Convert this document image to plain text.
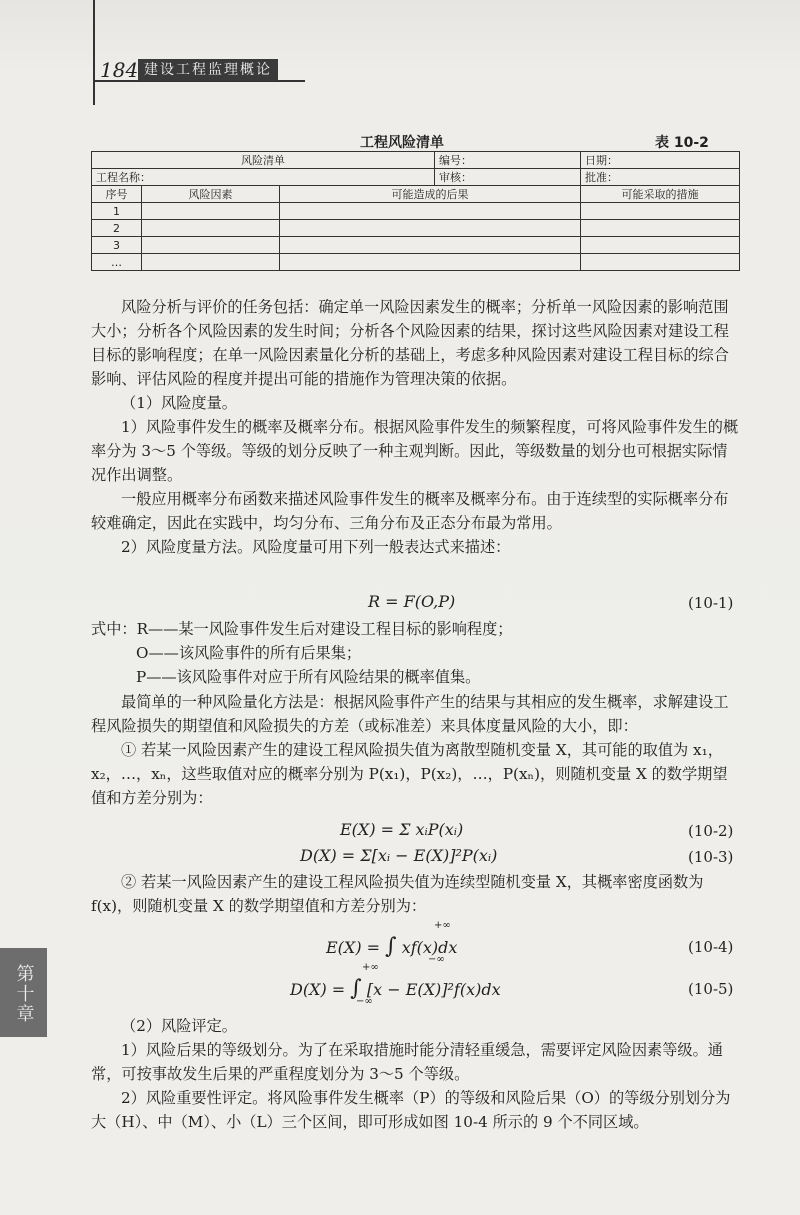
184 建设工程监理概论
工程风险清单	表 10-2
风险清单			编号：	日期：
工程名称：			审核：	批准：
序号	风险因素	可能造成的后果		可能采取的措施
1				
2				
3				
…				

风险分析与评价的任务包括：确定单一风险因素发生的概率；分析单一风险因素的影响范围大小；分析各个风险因素的发生时间；分析各个风险因素的结果，探讨这些风险因素对建设工程目标的影响程度；在单一风险因素量化分析的基础上，考虑多种风险因素对建设工程目标的综合影响、评估风险的程度并提出可能的措施作为管理决策的依据。

（1）风险度量。

1）风险事件发生的概率及概率分布。根据风险事件发生的频繁程度，可将风险事件发生的概率分为 3～5 个等级。等级的划分反映了一种主观判断。因此，等级数量的划分也可根据实际情况作出调整。

一般应用概率分布函数来描述风险事件发生的概率及概率分布。由于连续型的实际概率分布较难确定，因此在实践中，均匀分布、三角分布及正态分布最为常用。

2）风险度量方法。风险度量可用下列一般表达式来描述：

R = F(O,P)	(10-1)
式中：R——某一风险事件发生后对建设工程目标的影响程度；
O——该风险事件的所有后果集；
P——该风险事件对应于所有风险结果的概率值集。

最简单的一种风险量化方法是：根据风险事件产生的结果与其相应的发生概率，求解建设工程风险损失的期望值和风险损失的方差（或标准差）来具体度量风险的大小，即：

① 若某一风险因素产生的建设工程风险损失值为离散型随机变量 X，其可能的取值为 x₁，x₂，…，xₙ，这些取值对应的概率分别为 P(x₁)，P(x₂)，…，P(xₙ)，则随机变量 X 的数学期望值和方差分别为：

E(X) = Σ xᵢP(xᵢ)	(10-2)
D(X) = Σ[xᵢ − E(X)]²P(xᵢ)	(10-3)

② 若某一风险因素产生的建设工程风险损失值为连续型随机变量 X，其概率密度函数为 f(x)，则随机变量 X 的数学期望值和方差分别为：

E(X) = ∫
+∞
−∞
xf(x)dx	(10-4)
D(X) = ∫
+∞
−∞
[x − E(X)]²f(x)dx	(10-5)

（2）风险评定。

1）风险后果的等级划分。为了在采取措施时能分清轻重缓急，需要评定风险因素等级。通常，可按事故发生后果的严重程度划分为 3～5 个等级。

2）风险重要性评定。将风险事件发生概率（P）的等级和风险后果（O）的等级分别划分为大（H）、中（M）、小（L）三个区间，即可形成如图 10-4 所示的 9 个不同区域。

第十章
